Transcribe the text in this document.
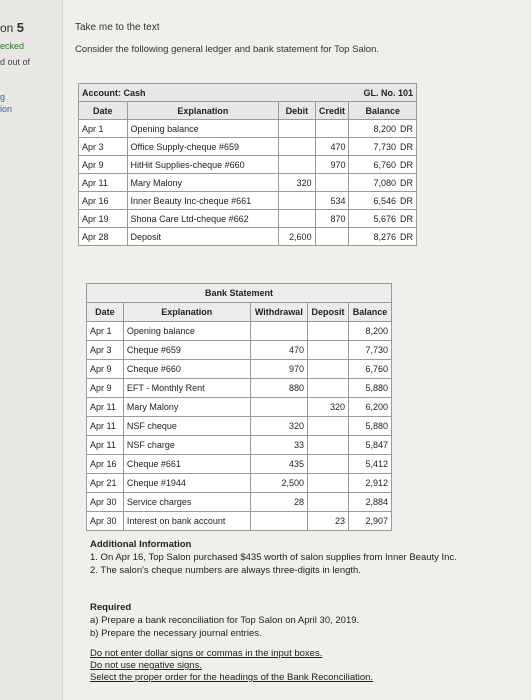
on 5
ecked
d out of
g
ion
Take me to the text
Consider the following general ledger and bank statement for Top Salon.
Account: Cash			GL. No. 101		
Date	Explanation	Debit	Credit	Balance	
Apr 1	Opening balance			8,200	DR
Apr 3	Office Supply-cheque #659		470	7,730	DR
Apr 9	HitHit Supplies-cheque #660		970	6,760	DR
Apr 11	Mary Malony	320		7,080	DR
Apr 16	Inner Beauty Inc-cheque #661		534	6,546	DR
Apr 19	Shona Care Ltd-cheque #662		870	5,676	DR
Apr 28	Deposit	2,600		8,276	DR
Bank Statement				
Date	Explanation	Withdrawal	Deposit	Balance
Apr 1	Opening balance			8,200
Apr 3	Cheque #659	470		7,730
Apr 9	Cheque #660	970		6,760
Apr 9	EFT - Monthly Rent	880		5,880
Apr 11	Mary Malony		320	6,200
Apr 11	NSF cheque	320		5,880
Apr 11	NSF charge	33		5,847
Apr 16	Cheque #661	435		5,412
Apr 21	Cheque #1944	2,500		2,912
Apr 30	Service charges	28		2,884
Apr 30	Interest on bank account		23	2,907
Additional Information
1. On Apr 16, Top Salon purchased $435 worth of salon supplies from Inner Beauty Inc.
2. The salon's cheque numbers are always three-digits in length.
Required
a) Prepare a bank reconciliation for Top Salon on April 30, 2019.
b) Prepare the necessary journal entries.
Do not enter dollar signs or commas in the input boxes.
Do not use negative signs.
Select the proper order for the headings of the Bank Reconciliation.
